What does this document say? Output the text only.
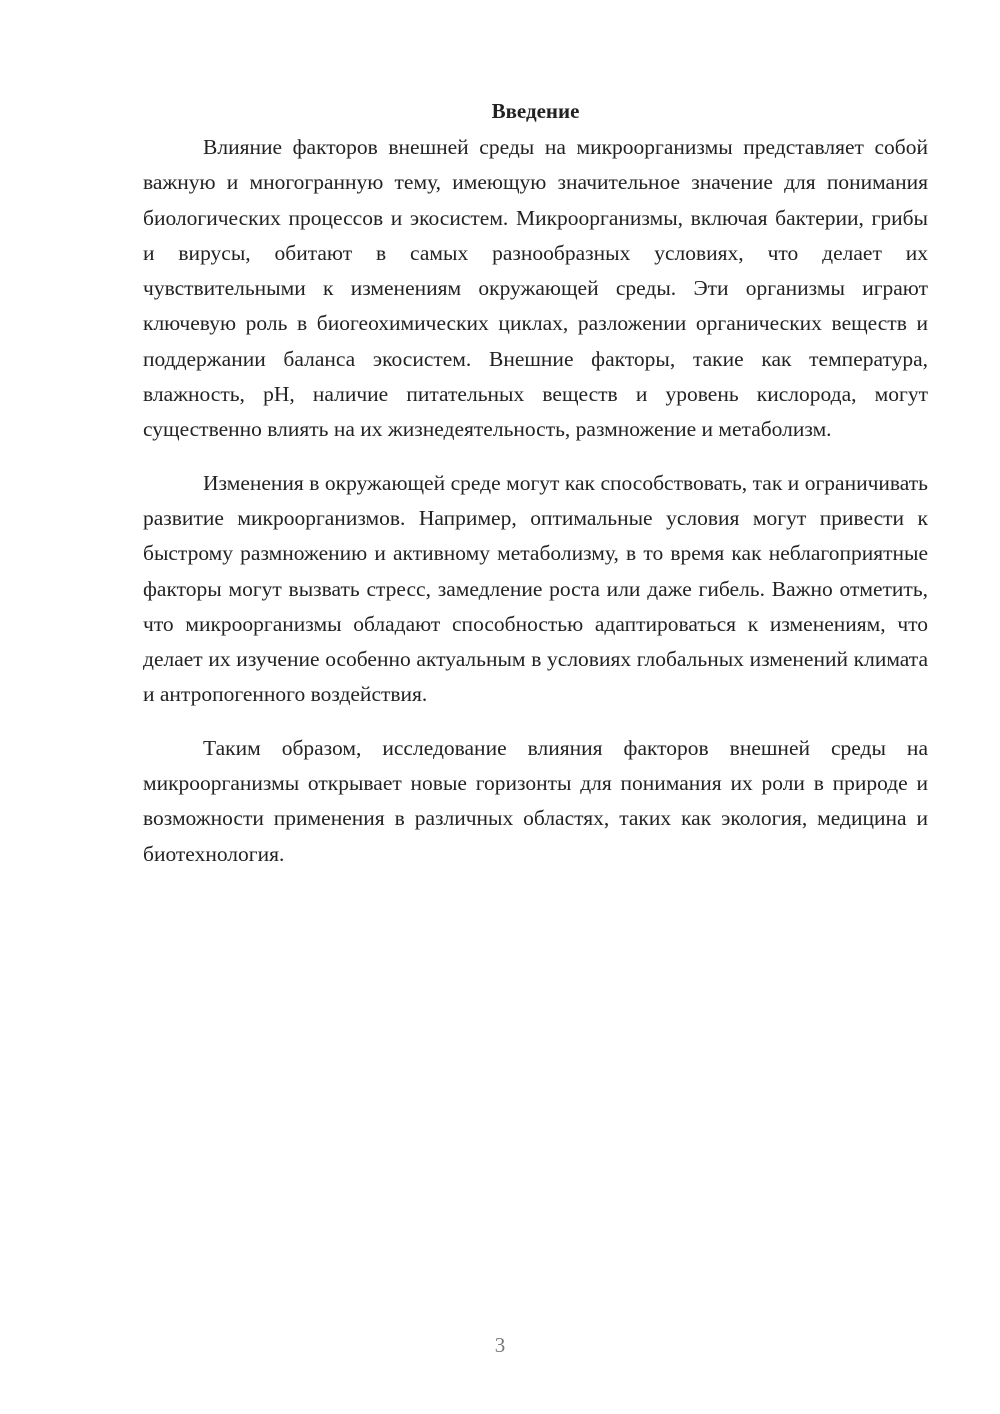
Введение

Влияние факторов внешней среды на микроорганизмы представляет собой важную и многогранную тему, имеющую значительное значение для понимания биологических процессов и экосистем. Микроорганизмы, включая бактерии, грибы и вирусы, обитают в самых разнообразных условиях, что делает их чувствительными к изменениям окружающей среды. Эти организмы играют ключевую роль в биогеохимических циклах, разложении органических веществ и поддержании баланса экосистем. Внешние факторы, такие как температура, влажность, pH, наличие питательных веществ и уровень кислорода, могут существенно влиять на их жизнедеятельность, размножение и метаболизм.

Изменения в окружающей среде могут как способствовать, так и ограничивать развитие микроорганизмов. Например, оптимальные условия могут привести к быстрому размножению и активному метаболизму, в то время как неблагоприятные факторы могут вызвать стресс, замедление роста или даже гибель. Важно отметить, что микроорганизмы обладают способностью адаптироваться к изменениям, что делает их изучение особенно актуальным в условиях глобальных изменений климата и антропогенного воздействия.

Таким образом, исследование влияния факторов внешней среды на микроорганизмы открывает новые горизонты для понимания их роли в природе и возможности применения в различных областях, таких как экология, медицина и биотехнология.

3
